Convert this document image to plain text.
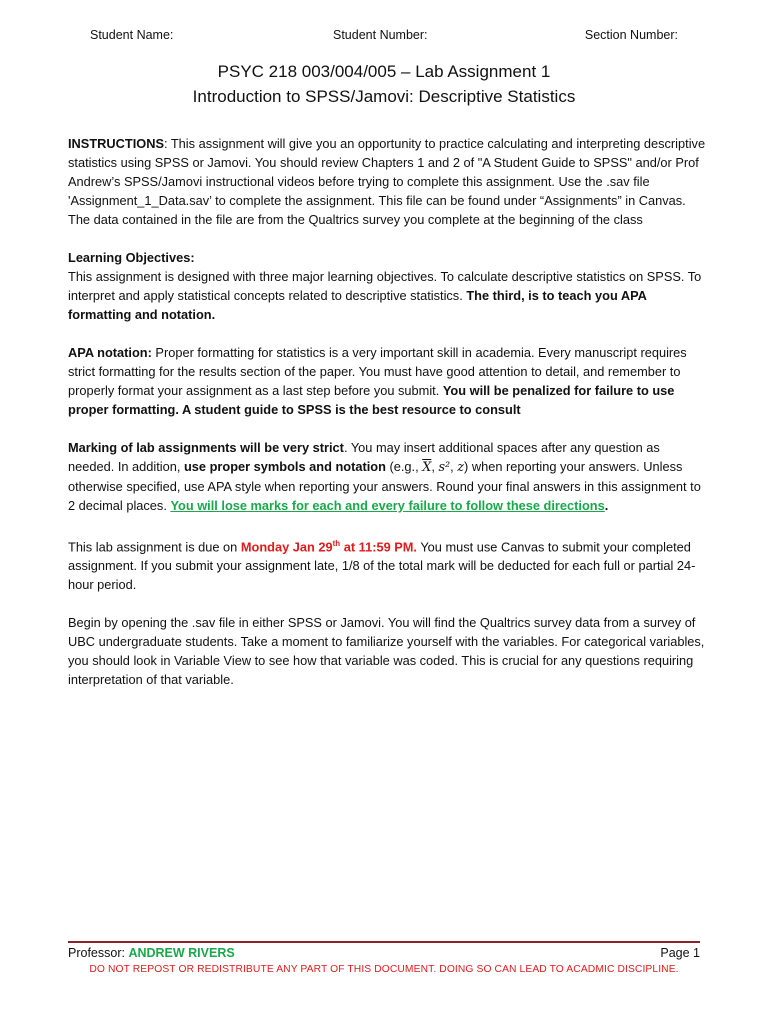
Student Name:	Student Number:	Section Number:
PSYC 218 003/004/005 – Lab Assignment 1
Introduction to SPSS/Jamovi: Descriptive Statistics

INSTRUCTIONS: This assignment will give you an opportunity to practice calculating and interpreting descriptive statistics using SPSS or Jamovi. You should review Chapters 1 and 2 of "A Student Guide to SPSS" and/or Prof Andrew’s SPSS/Jamovi instructional videos before trying to complete this assignment. Use the .sav file 'Assignment_1_Data.sav’ to complete the assignment. This file can be found under “Assignments” in Canvas. The data contained in the file are from the Qualtrics survey you complete at the beginning of the class

Learning Objectives:
This assignment is designed with three major learning objectives. To calculate descriptive statistics on SPSS. To interpret and apply statistical concepts related to descriptive statistics. The third, is to teach you APA formatting and notation.

APA notation: Proper formatting for statistics is a very important skill in academia. Every manuscript requires strict formatting for the results section of the paper. You must have good attention to detail, and remember to properly format your assignment as a last step before you submit. You will be penalized for failure to use proper formatting. A student guide to SPSS is the best resource to consult

Marking of lab assignments will be very strict. You may insert additional spaces after any question as needed. In addition, use proper symbols and notation (e.g., $\overline{X}$, s², z) when reporting your answers. Unless otherwise specified, use APA style when reporting your answers. Round your final answers in this assignment to 2 decimal places. You will lose marks for each and every failure to follow these directions.

This lab assignment is due on Monday Jan 29th at 11:59 PM. You must use Canvas to submit your completed assignment. If you submit your assignment late, 1/8 of the total mark will be deducted for each full or partial 24-hour period.

Begin by opening the .sav file in either SPSS or Jamovi. You will find the Qualtrics survey data from a survey of UBC undergraduate students. Take a moment to familiarize yourself with the variables. For categorical variables, you should look in Variable View to see how that variable was coded. This is crucial for any questions requiring interpretation of that variable.

Professor: ANDREW RIVERS	Page 1
DO NOT REPOST OR REDISTRIBUTE ANY PART OF THIS DOCUMENT. DOING SO CAN LEAD TO ACADMIC DISCIPLINE.
